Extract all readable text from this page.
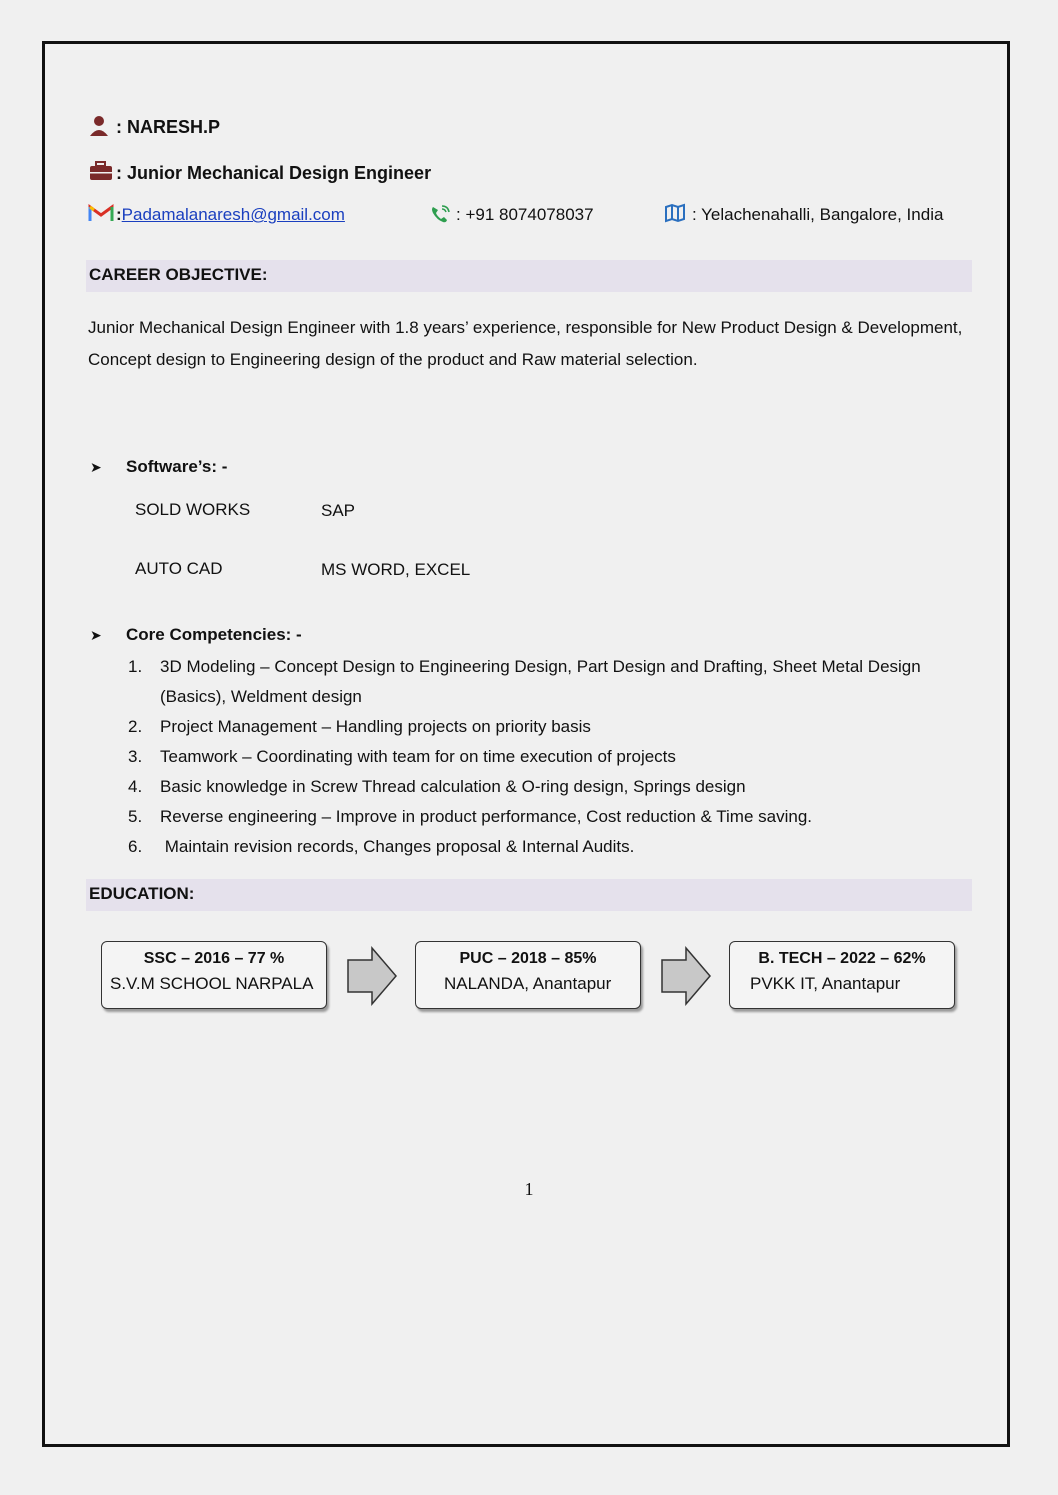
: NARESH.P
: Junior Mechanical Design Engineer
: Padamalanaresh@gmail.com	: +91 8074078037	: Yelachenahalli, Bangalore, India
CAREER OBJECTIVE:
Junior Mechanical Design Engineer with 1.8 years’ experience, responsible for New Product Design & Development, Concept design to Engineering design of the product and Raw material selection.
➤	Software’s: -
SOLD WORKS	SAP
AUTO CAD	MS WORD, EXCEL
➤	Core Competencies: -
1.	3D Modeling – Concept Design to Engineering Design, Part Design and Drafting, Sheet Metal Design (Basics), Weldment design
2.	Project Management – Handling projects on priority basis
3.	Teamwork – Coordinating with team for on time execution of projects
4.	Basic knowledge in Screw Thread calculation & O-ring design, Springs design
5.	Reverse engineering – Improve in product performance, Cost reduction & Time saving.
6.	Maintain revision records, Changes proposal & Internal Audits.
EDUCATION:
SSC – 2016 – 77 %
S.V.M SCHOOL NARPALA
PUC – 2018 – 85%
NALANDA, Anantapur
B. TECH – 2022 – 62%
PVKK IT, Anantapur
1
